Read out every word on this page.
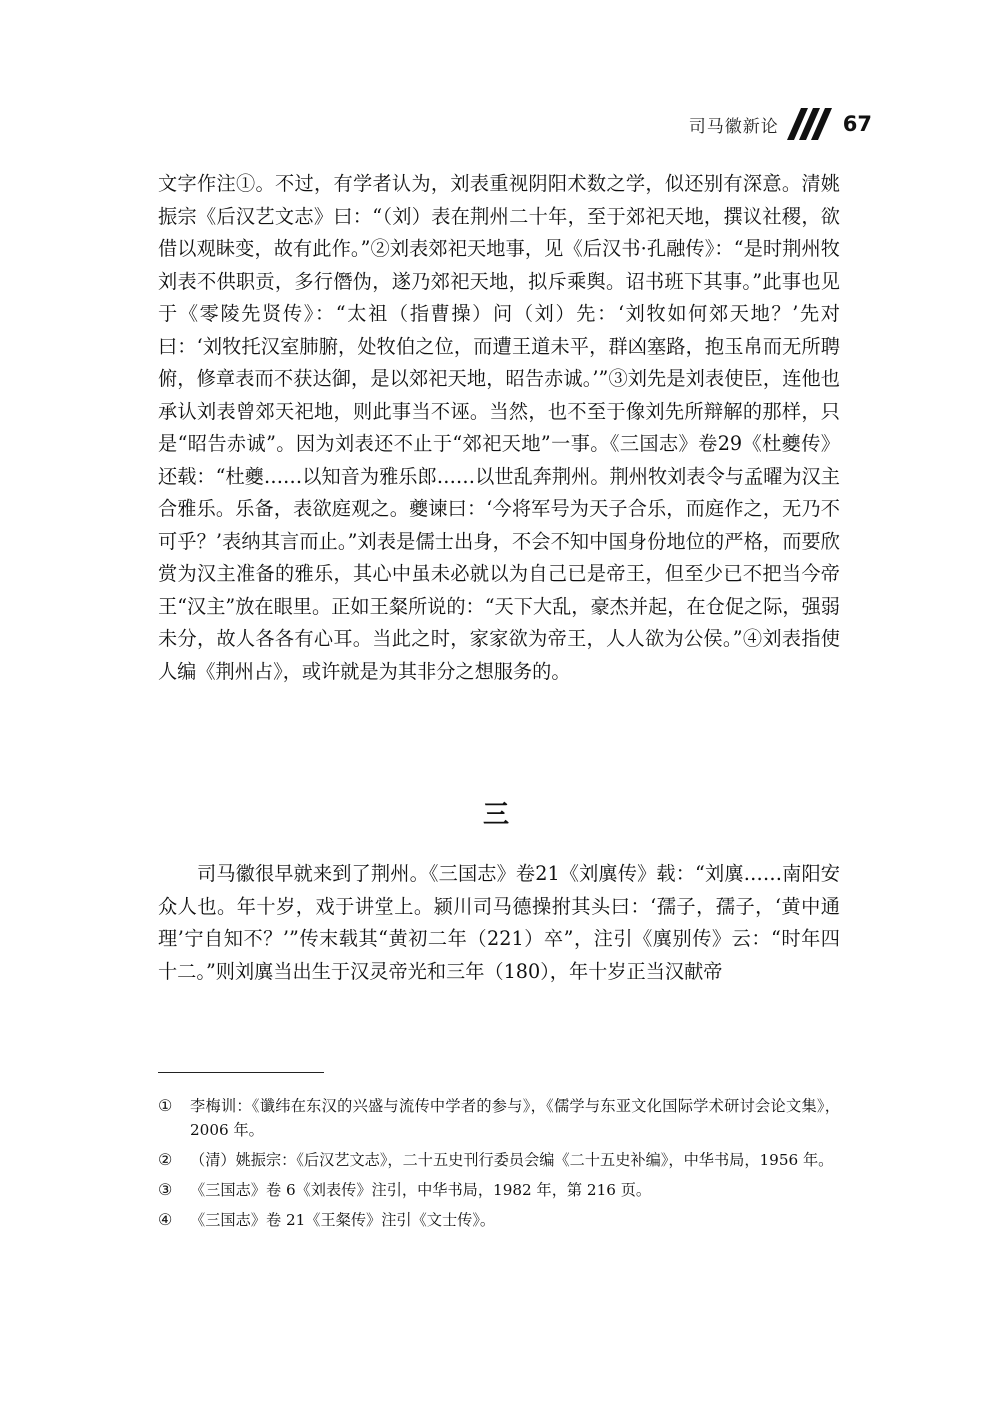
司马徽新论	67

文字作注①。不过，有学者认为，刘表重视阴阳术数之学，似还别有深意。清姚振宗《后汉艺文志》曰：“（刘）表在荆州二十年，至于郊祀天地，撰议社稷，欲借以观眛变，故有此作。”②刘表郊祀天地事，见《后汉书·孔融传》：“是时荆州牧刘表不供职贡，多行僭伪，遂乃郊祀天地，拟斥乘舆。诏书班下其事。”此事也见于《零陵先贤传》：“太祖（指曹操）问（刘）先：‘刘牧如何郊天地？’先对曰：‘刘牧托汉室肺腑，处牧伯之位，而遭王道未平，群凶塞路，抱玉帛而无所聘俯，修章表而不获达御，是以郊祀天地，昭告赤诚。’”③刘先是刘表使臣，连他也承认刘表曾郊天祀地，则此事当不诬。当然，也不至于像刘先所辩解的那样，只是“昭告赤诚”。因为刘表还不止于“郊祀天地”一事。《三国志》卷29《杜夔传》还载：“杜夔……以知音为雅乐郎……以世乱奔荆州。荆州牧刘表令与孟曜为汉主合雅乐。乐备，表欲庭观之。夔谏曰：‘今将军号为天子合乐，而庭作之，无乃不可乎？’表纳其言而止。”刘表是儒士出身，不会不知中国身份地位的严格，而要欣赏为汉主准备的雅乐，其心中虽未必就以为自己已是帝王，但至少已不把当今帝王“汉主”放在眼里。正如王粲所说的：“天下大乱，豪杰并起，在仓促之际，强弱未分，故人各各有心耳。当此之时，家家欲为帝王，人人欲为公侯。”④刘表指使人编《荆州占》，或许就是为其非分之想服务的。

三

司马徽很早就来到了荆州。《三国志》卷21《刘廙传》载：“刘廙……南阳安众人也。年十岁，戏于讲堂上。颍川司马德操拊其头曰：‘孺子，孺子，‘黄中通理’宁自知不？’”传末载其“黄初二年（221）卒”，注引《廙别传》云：“时年四十二。”则刘廙当出生于汉灵帝光和三年（180），年十岁正当汉献帝

①	李梅训：《谶纬在东汉的兴盛与流传中学者的参与》，《儒学与东亚文化国际学术研讨会论文集》，2006 年。
②	（清）姚振宗：《后汉艺文志》，二十五史刊行委员会编《二十五史补编》，中华书局，1956 年。
③	《三国志》卷 6《刘表传》注引，中华书局，1982 年，第 216 页。
④	《三国志》卷 21《王粲传》注引《文士传》。
